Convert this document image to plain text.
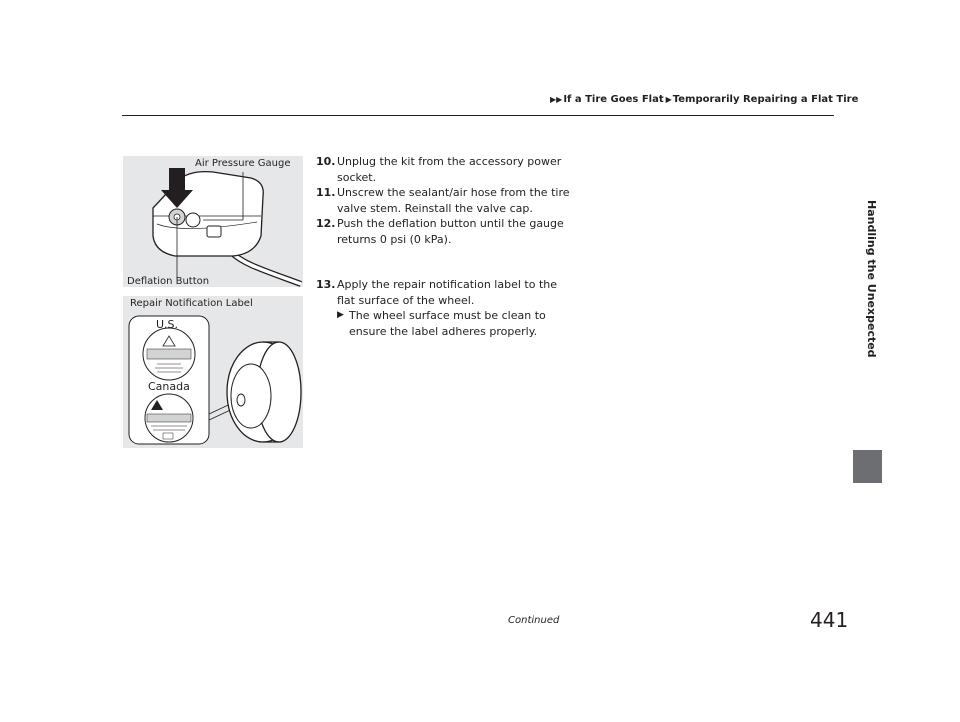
▶▶ If a Tire Goes Flat ▶ Temporarily Repairing a Flat Tire
Handling the Unexpected
Air Pressure Gauge
Deflation Button
Repair Notification Label
U.S.
Canada

10. Unplug the kit from the accessory power socket.

11. Unscrew the sealant/air hose from the tire valve stem. Reinstall the valve cap.

12. Push the deflation button until the gauge returns 0 psi (0 kPa).

13. Apply the repair notification label to the flat surface of the wheel.

▶ The wheel surface must be clean to ensure the label adheres properly.

Continued	441
